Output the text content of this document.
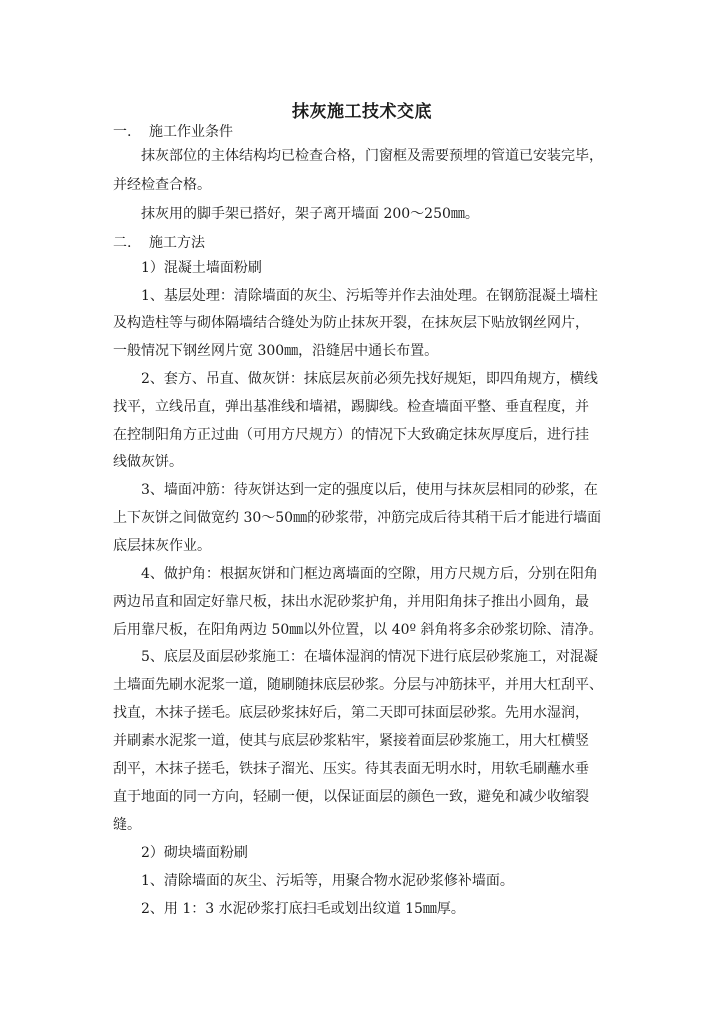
抹灰施工技术交底
一. 施工作业条件
抹灰部位的主体结构均已检查合格，门窗框及需要预埋的管道已安装完毕，
并经检查合格。
抹灰用的脚手架已搭好，架子离开墙面 200～250㎜。
二. 施工方法
1）混凝土墙面粉刷
1、基层处理：清除墙面的灰尘、污垢等并作去油处理。在钢筋混凝土墙柱
及构造柱等与砌体隔墙结合缝处为防止抹灰开裂，在抹灰层下贴放钢丝网片，
一般情况下钢丝网片宽 300㎜，沿缝居中通长布置。
2、套方、吊直、做灰饼：抹底层灰前必须先找好规矩，即四角规方，横线
找平，立线吊直，弹出基准线和墙裙，踢脚线。检查墙面平整、垂直程度，并
在控制阳角方正过曲（可用方尺规方）的情况下大致确定抹灰厚度后，进行挂
线做灰饼。
3、墙面冲筋：待灰饼达到一定的强度以后，使用与抹灰层相同的砂浆，在
上下灰饼之间做宽约 30～50㎜的砂浆带，冲筋完成后待其稍干后才能进行墙面
底层抹灰作业。
4、做护角：根据灰饼和门框边离墙面的空隙，用方尺规方后，分别在阳角
两边吊直和固定好靠尺板，抹出水泥砂浆护角，并用阳角抹子推出小圆角，最
后用靠尺板，在阳角两边 50㎜以外位置，以 40º 斜角将多余砂浆切除、清净。
5、底层及面层砂浆施工：在墙体湿润的情况下进行底层砂浆施工，对混凝
土墙面先刷水泥浆一道，随刷随抹底层砂浆。分层与冲筋抹平，并用大杠刮平、
找直，木抹子搓毛。底层砂浆抹好后，第二天即可抹面层砂浆。先用水湿润，
并刷素水泥浆一道，使其与底层砂浆粘牢，紧接着面层砂浆施工，用大杠横竖
刮平，木抹子搓毛，铁抹子溜光、压实。待其表面无明水时，用软毛刷蘸水垂
直于地面的同一方向，轻刷一便，以保证面层的颜色一致，避免和减少收缩裂
缝。
2）砌块墙面粉刷
1、清除墙面的灰尘、污垢等，用聚合物水泥砂浆修补墙面。
2、用 1：3 水泥砂浆打底扫毛或划出纹道 15㎜厚。
